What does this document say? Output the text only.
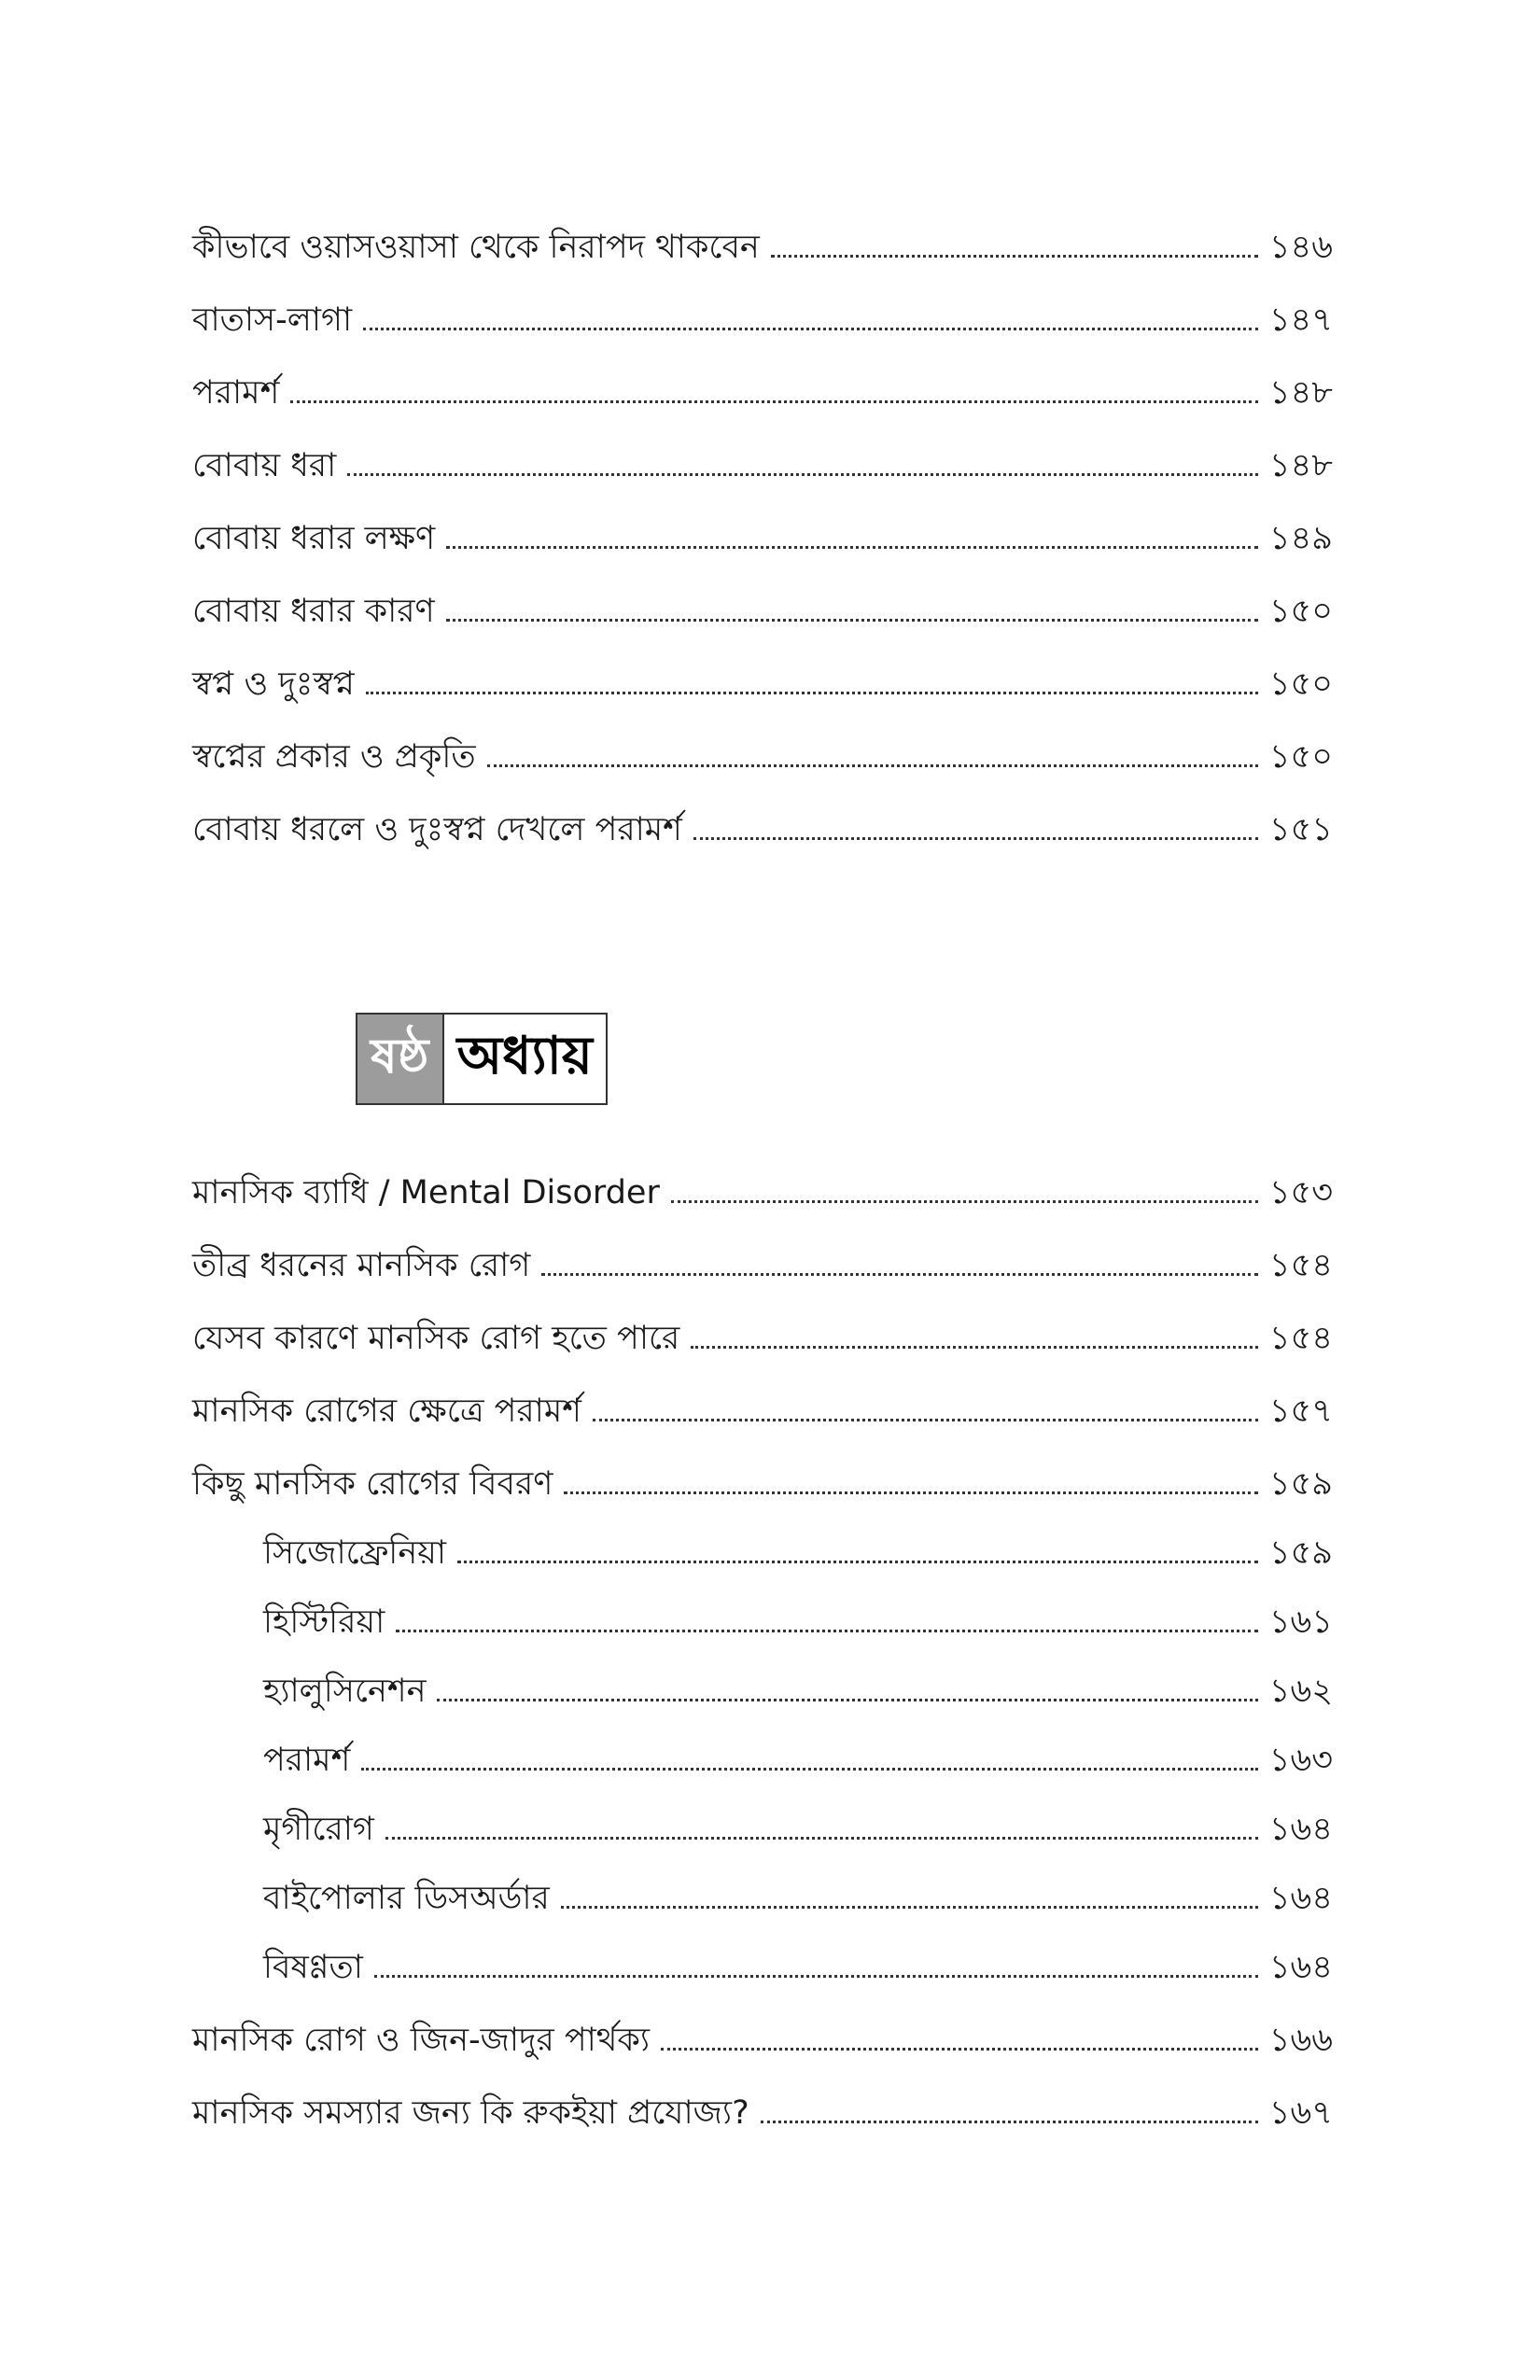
কীভাবে ওয়াসওয়াসা থেকে নিরাপদ থাকবেন	১৪৬
বাতাস-লাগা	১৪৭
পরামর্শ	১৪৮
বোবায় ধরা	১৪৮
বোবায় ধরার লক্ষণ	১৪৯
বোবায় ধরার কারণ	১৫০
স্বপ্ন ও দুঃস্বপ্ন	১৫০
স্বপ্নের প্রকার ও প্রকৃতি	১৫০
বোবায় ধরলে ও দুঃস্বপ্ন দেখলে পরামর্শ	১৫১
ষষ্ঠ অধ্যায়
মানসিক ব্যাধি / Mental Disorder	১৫৩
তীব্র ধরনের মানসিক রোগ	১৫৪
যেসব কারণে মানসিক রোগ হতে পারে	১৫৪
মানসিক রোগের ক্ষেত্রে পরামর্শ	১৫৭
কিছু মানসিক রোগের বিবরণ	১৫৯
সিজোফ্রেনিয়া	১৫৯
হিস্টিরিয়া	১৬১
হ্যালুসিনেশন	১৬২
পরামর্শ	১৬৩
মৃগীরোগ	১৬৪
বাইপোলার ডিসঅর্ডার	১৬৪
বিষণ্ণতা	১৬৪
মানসিক রোগ ও জিন-জাদুর পার্থক্য	১৬৬
মানসিক সমস্যার জন্য কি রুকইয়া প্রযোজ্য?	১৬৭
